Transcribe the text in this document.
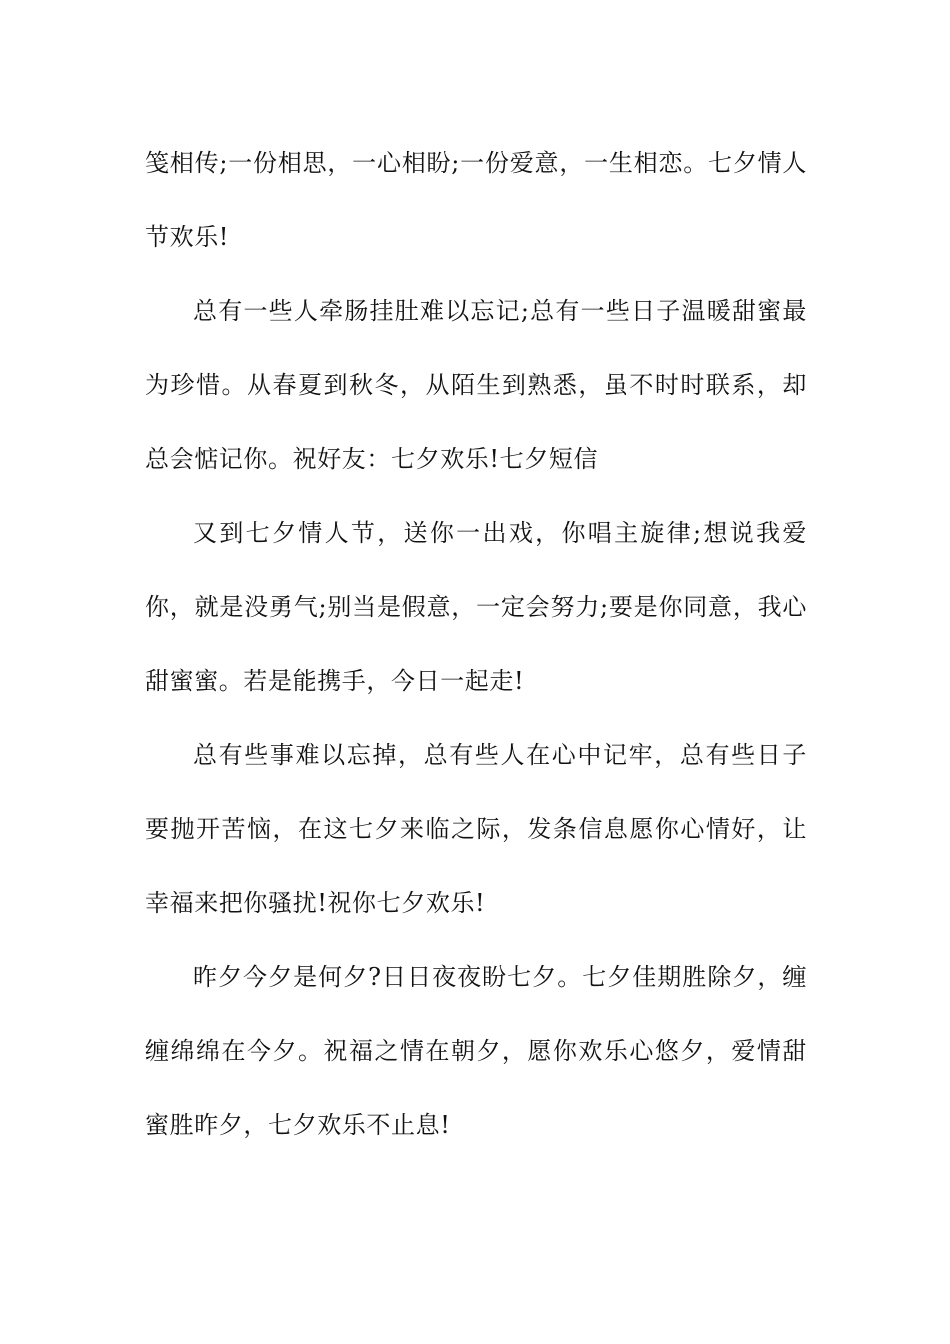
笺相传;一份相思，一心相盼;一份爱意，一生相恋。七夕情人节欢乐!

总有一些人牵肠挂肚难以忘记;总有一些日子温暖甜蜜最为珍惜。从春夏到秋冬，从陌生到熟悉，虽不时时联系，却总会惦记你。祝好友：七夕欢乐!七夕短信

又到七夕情人节，送你一出戏，你唱主旋律;想说我爱你，就是没勇气;别当是假意，一定会努力;要是你同意，我心甜蜜蜜。若是能携手，今日一起走!

总有些事难以忘掉，总有些人在心中记牢，总有些日子要抛开苦恼，在这七夕来临之际，发条信息愿你心情好，让幸福来把你骚扰!祝你七夕欢乐!

昨夕今夕是何夕?日日夜夜盼七夕。七夕佳期胜除夕，缠缠绵绵在今夕。祝福之情在朝夕，愿你欢乐心悠夕，爱情甜蜜胜昨夕，七夕欢乐不止息!
